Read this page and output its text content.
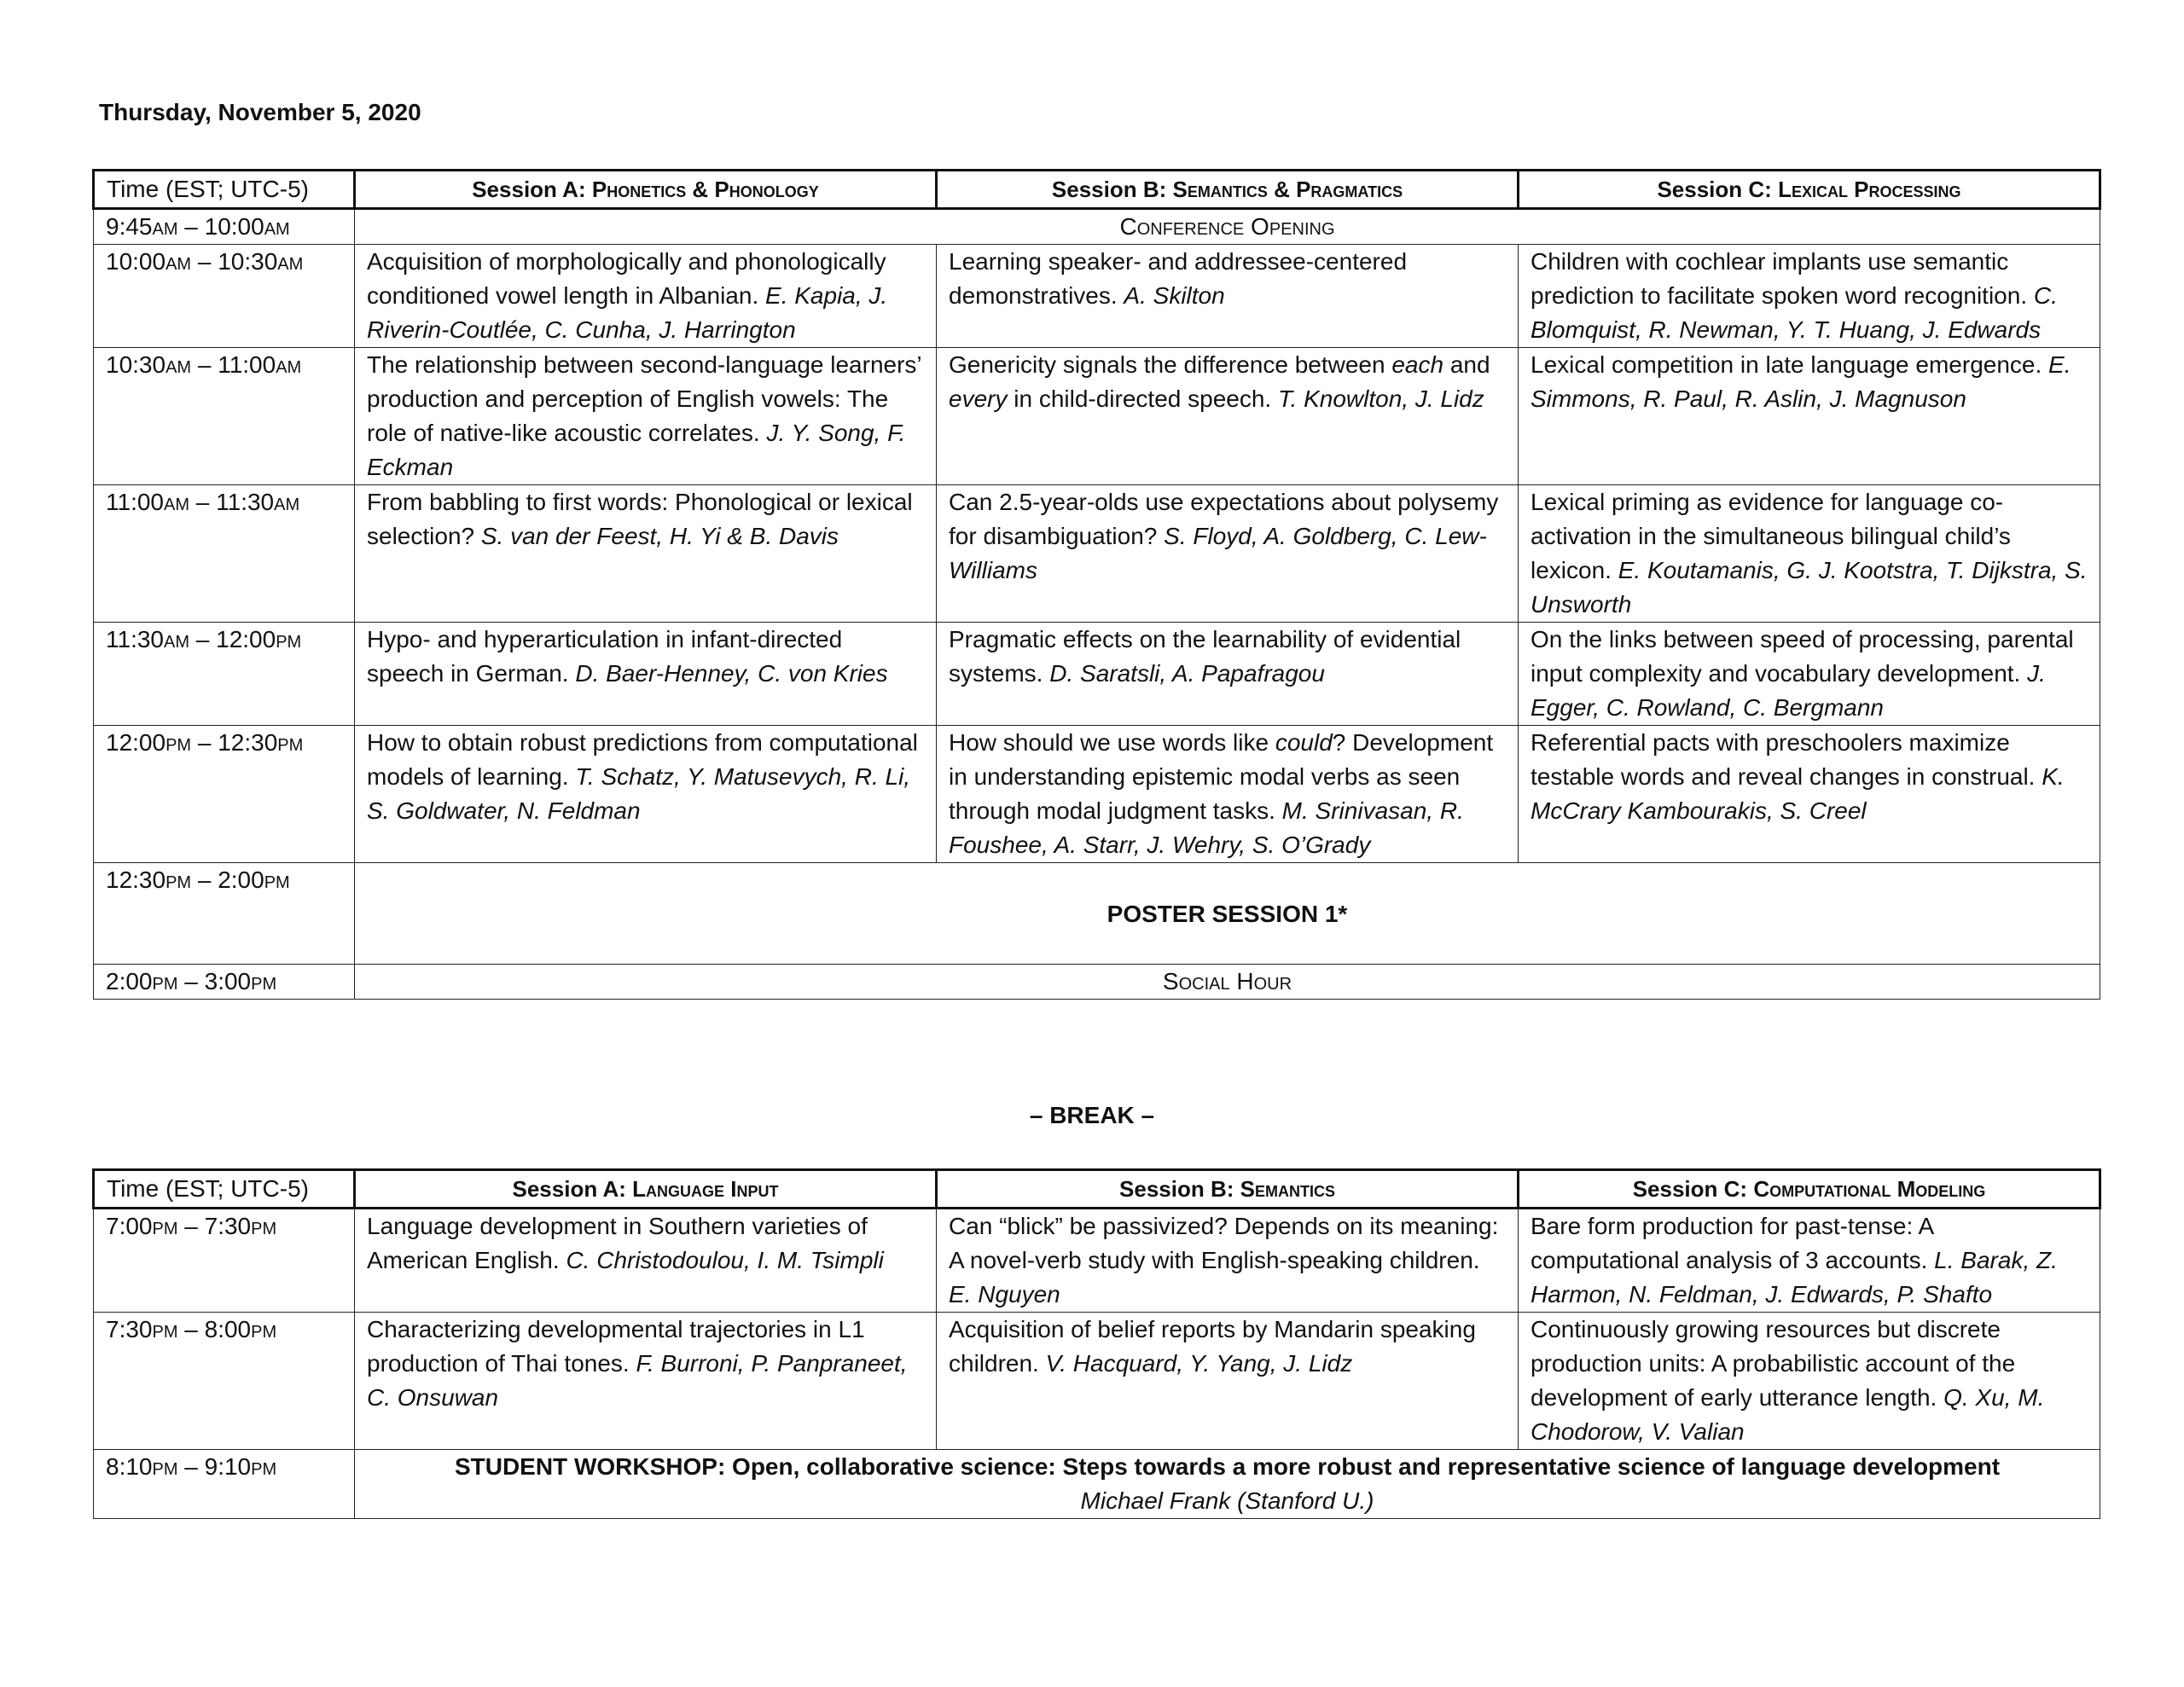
Thursday, November 5, 2020
Time (EST; UTC-5)	Session A: Phonetics & Phonology	Session B: Semantics & Pragmatics	Session C: Lexical Processing
9:45am – 10:00am	Conference Opening		
10:00am – 10:30am	Acquisition of morphologically and phonologically conditioned vowel length in Albanian. E. Kapia, J. Riverin-Coutlée, C. Cunha, J. Harrington	Learning speaker- and addressee-centered demonstratives. A. Skilton	Children with cochlear implants use semantic prediction to facilitate spoken word recognition. C. Blomquist, R. Newman, Y. T. Huang, J. Edwards
10:30am – 11:00am	The relationship between second-language learners’ production and perception of English vowels: The role of native-like acoustic correlates. J. Y. Song, F. Eckman	Genericity signals the difference between each and every in child-directed speech. T. Knowlton, J. Lidz	Lexical competition in late language emergence. E. Simmons, R. Paul, R. Aslin, J. Magnuson
11:00am – 11:30am	From babbling to first words: Phonological or lexical selection? S. van der Feest, H. Yi & B. Davis	Can 2.5-year-olds use expectations about polysemy for disambiguation? S. Floyd, A. Goldberg, C. Lew-Williams	Lexical priming as evidence for language co-activation in the simultaneous bilingual child’s lexicon. E. Koutamanis, G. J. Kootstra, T. Dijkstra, S. Unsworth
11:30am – 12:00pm	Hypo- and hyperarticulation in infant-directed speech in German. D. Baer-Henney, C. von Kries	Pragmatic effects on the learnability of evidential systems. D. Saratsli, A. Papafragou	On the links between speed of processing, parental input complexity and vocabulary development. J. Egger, C. Rowland, C. Bergmann
12:00pm – 12:30pm	How to obtain robust predictions from computational models of learning. T. Schatz, Y. Matusevych, R. Li, S. Goldwater, N. Feldman	How should we use words like could? Development in understanding epistemic modal verbs as seen through modal judgment tasks. M. Srinivasan, R. Foushee, A. Starr, J. Wehry, S. O’Grady	Referential pacts with preschoolers maximize testable words and reveal changes in construal. K. McCrary Kambourakis, S. Creel
12:30pm – 2:00pm	POSTER SESSION 1*		

2:00pm – 3:00pm	Social Hour		
– BREAK –
Time (EST; UTC-5)	Session A: Language Input	Session B: Semantics	Session C: Computational Modeling
7:00pm – 7:30pm	Language development in Southern varieties of American English. C. Christodoulou, I. M. Tsimpli	Can “blick” be passivized? Depends on its meaning: A novel-verb study with English-speaking children. E. Nguyen	Bare form production for past-tense: A computational analysis of 3 accounts. L. Barak, Z. Harmon, N. Feldman, J. Edwards, P. Shafto
7:30pm – 8:00pm	Characterizing developmental trajectories in L1 production of Thai tones. F. Burroni, P. Panpraneet, C. Onsuwan	Acquisition of belief reports by Mandarin speaking children. V. Hacquard, Y. Yang, J. Lidz	Continuously growing resources but discrete production units: A probabilistic account of the development of early utterance length. Q. Xu, M. Chodorow, V. Valian
8:10pm – 9:10pm	STUDENT WORKSHOP: Open, collaborative science: Steps towards a more robust and representative science of language development
Michael Frank (Stanford U.)		
